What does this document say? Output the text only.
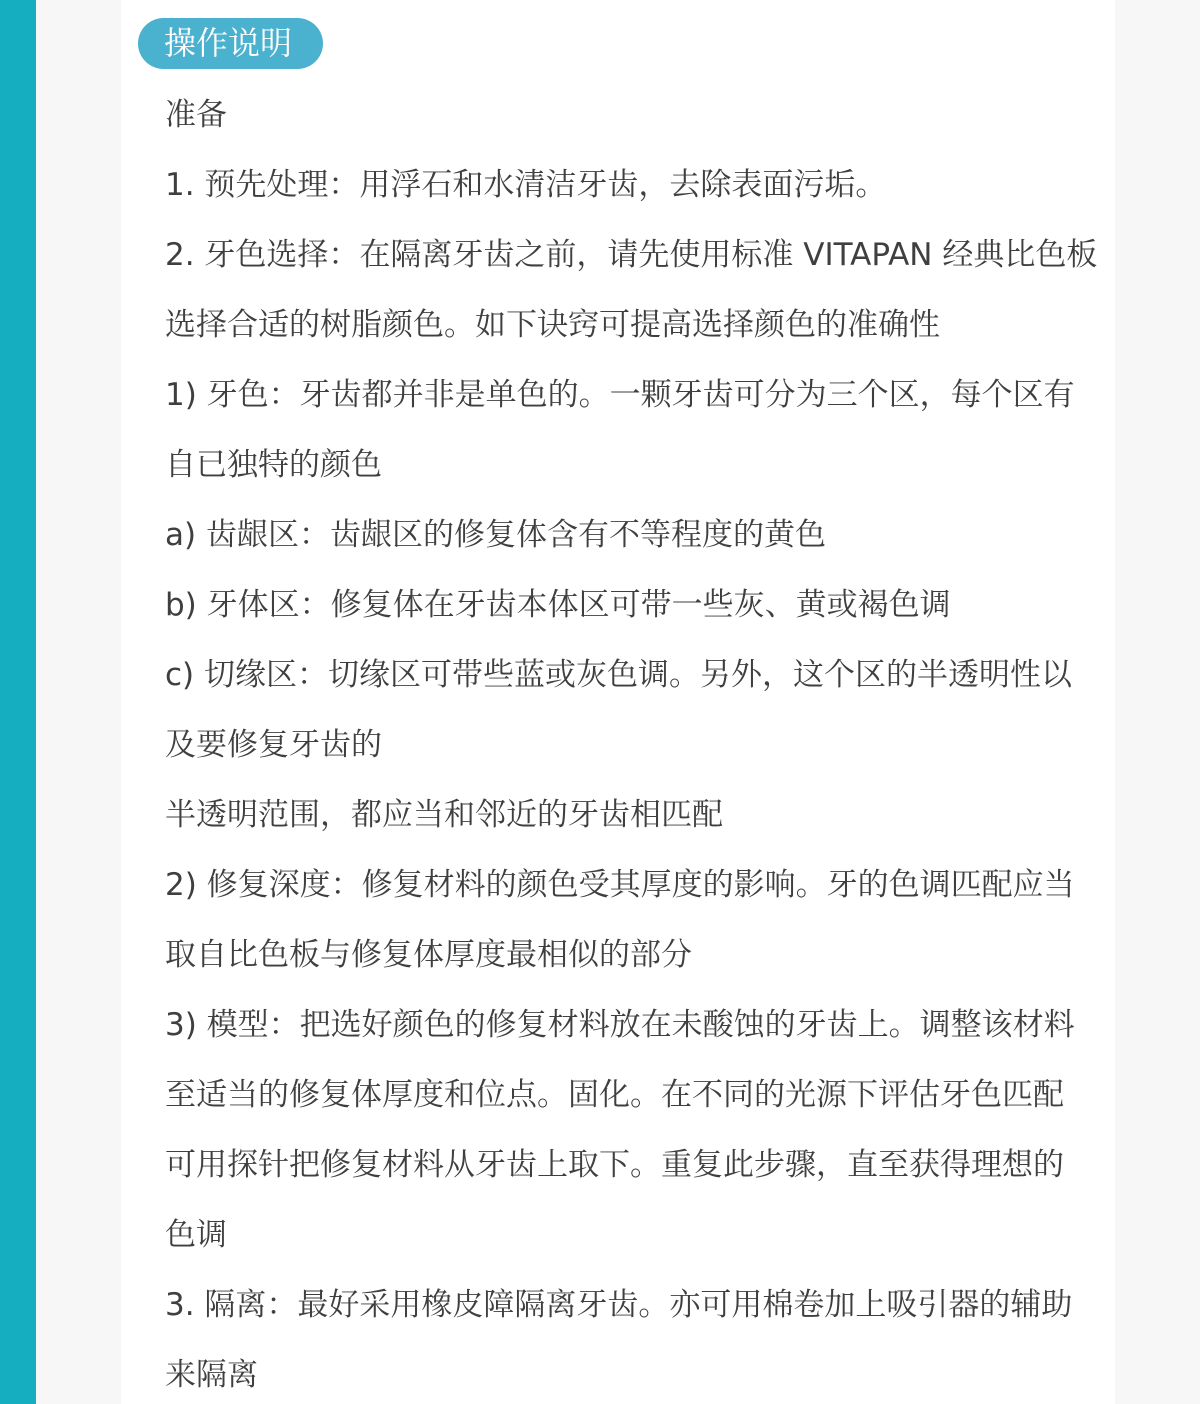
操作说明
准备
1. 预先处理：用浮石和水清洁牙齿，去除表面污垢。
2. 牙色选择：在隔离牙齿之前，请先使用标准 VITAPAN 经典比色板
选择合适的树脂颜色。如下诀窍可提高选择颜色的准确性
1) 牙色：牙齿都并非是单色的。一颗牙齿可分为三个区，每个区有
自已独特的颜色
a) 齿龈区：齿龈区的修复体含有不等程度的黄色
b) 牙体区：修复体在牙齿本体区可带一些灰、黄或褐色调
c) 切缘区：切缘区可带些蓝或灰色调。另外，这个区的半透明性以
及要修复牙齿的
半透明范围，都应当和邻近的牙齿相匹配
2) 修复深度：修复材料的颜色受其厚度的影响。牙的色调匹配应当
取自比色板与修复体厚度最相似的部分
3) 模型：把选好颜色的修复材料放在未酸蚀的牙齿上。调整该材料
至适当的修复体厚度和位点。固化。在不同的光源下评估牙色匹配
可用探针把修复材料从牙齿上取下。重复此步骤，直至获得理想的
色调
3. 隔离：最好采用橡皮障隔离牙齿。亦可用棉卷加上吸引器的辅助
来隔离
